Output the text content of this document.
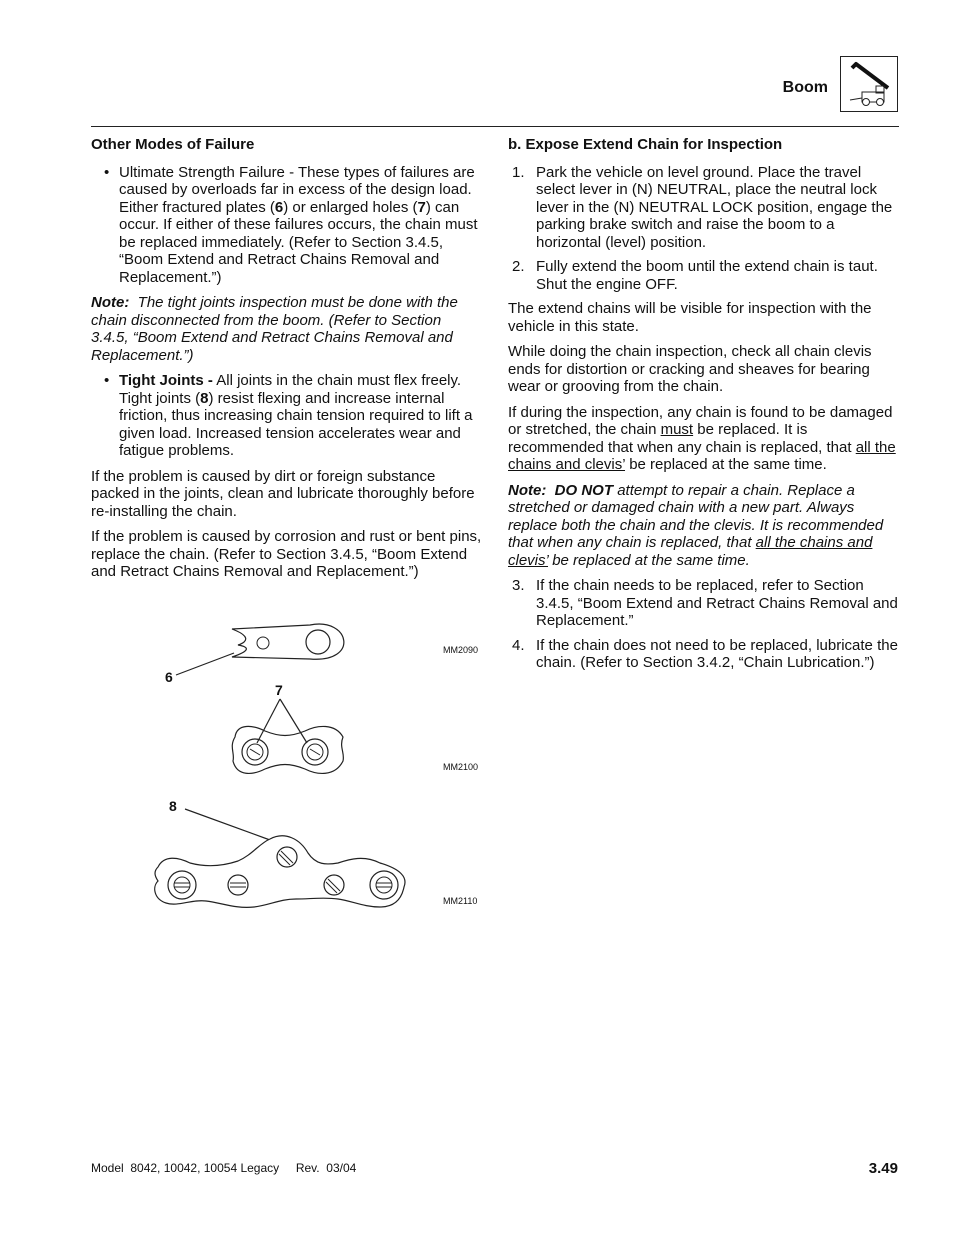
Boom
Other Modes of Failure
• Ultimate Strength Failure - These types of failures are caused by overloads far in excess of the design load. Either fractured plates (6) or enlarged holes (7) can occur. If either of these failures occurs, the chain must be replaced immediately. (Refer to Section 3.4.5, “Boom Extend and Retract Chains Removal and Replacement.”)

Note: The tight joints inspection must be done with the chain disconnected from the boom. (Refer to Section 3.4.5, “Boom Extend and Retract Chains Removal and Replacement.”)

• Tight Joints - All joints in the chain must flex freely. Tight joints (8) resist flexing and increase internal friction, thus increasing chain tension required to lift a given load. Increased tension accelerates wear and fatigue problems.

If the problem is caused by dirt or foreign substance packed in the joints, clean and lubricate thoroughly before re-installing the chain.

If the problem is caused by corrosion and rust or bent pins, replace the chain. (Refer to Section 3.4.5, “Boom Extend and Retract Chains Removal and Replacement.”)

6
MM2090
7
MM2100
8
MM2110
b. Expose Extend Chain for Inspection
1. Park the vehicle on level ground. Place the travel select lever in (N) NEUTRAL, place the neutral lock lever in the (N) NEUTRAL LOCK position, engage the parking brake switch and raise the boom to a horizontal (level) position.
2. Fully extend the boom until the extend chain is taut. Shut the engine OFF.

The extend chains will be visible for inspection with the vehicle in this state.

While doing the chain inspection, check all chain clevis ends for distortion or cracking and sheaves for bearing wear or grooving from the chain.

If during the inspection, any chain is found to be damaged or stretched, the chain must be replaced. It is recommended that when any chain is replaced, that all the chains and clevis’ be replaced at the same time.

Note: DO NOT attempt to repair a chain. Replace a stretched or damaged chain with a new part. Always replace both the chain and the clevis. It is recommended that when any chain is replaced, that all the chains and clevis’ be replaced at the same time.

3. If the chain needs to be replaced, refer to Section 3.4.5, “Boom Extend and Retract Chains Removal and Replacement.”
4. If the chain does not need to be replaced, lubricate the chain. (Refer to Section 3.4.2, “Chain Lubrication.”)
Model  8042, 10042, 10054 Legacy     Rev.  03/04	3.49
